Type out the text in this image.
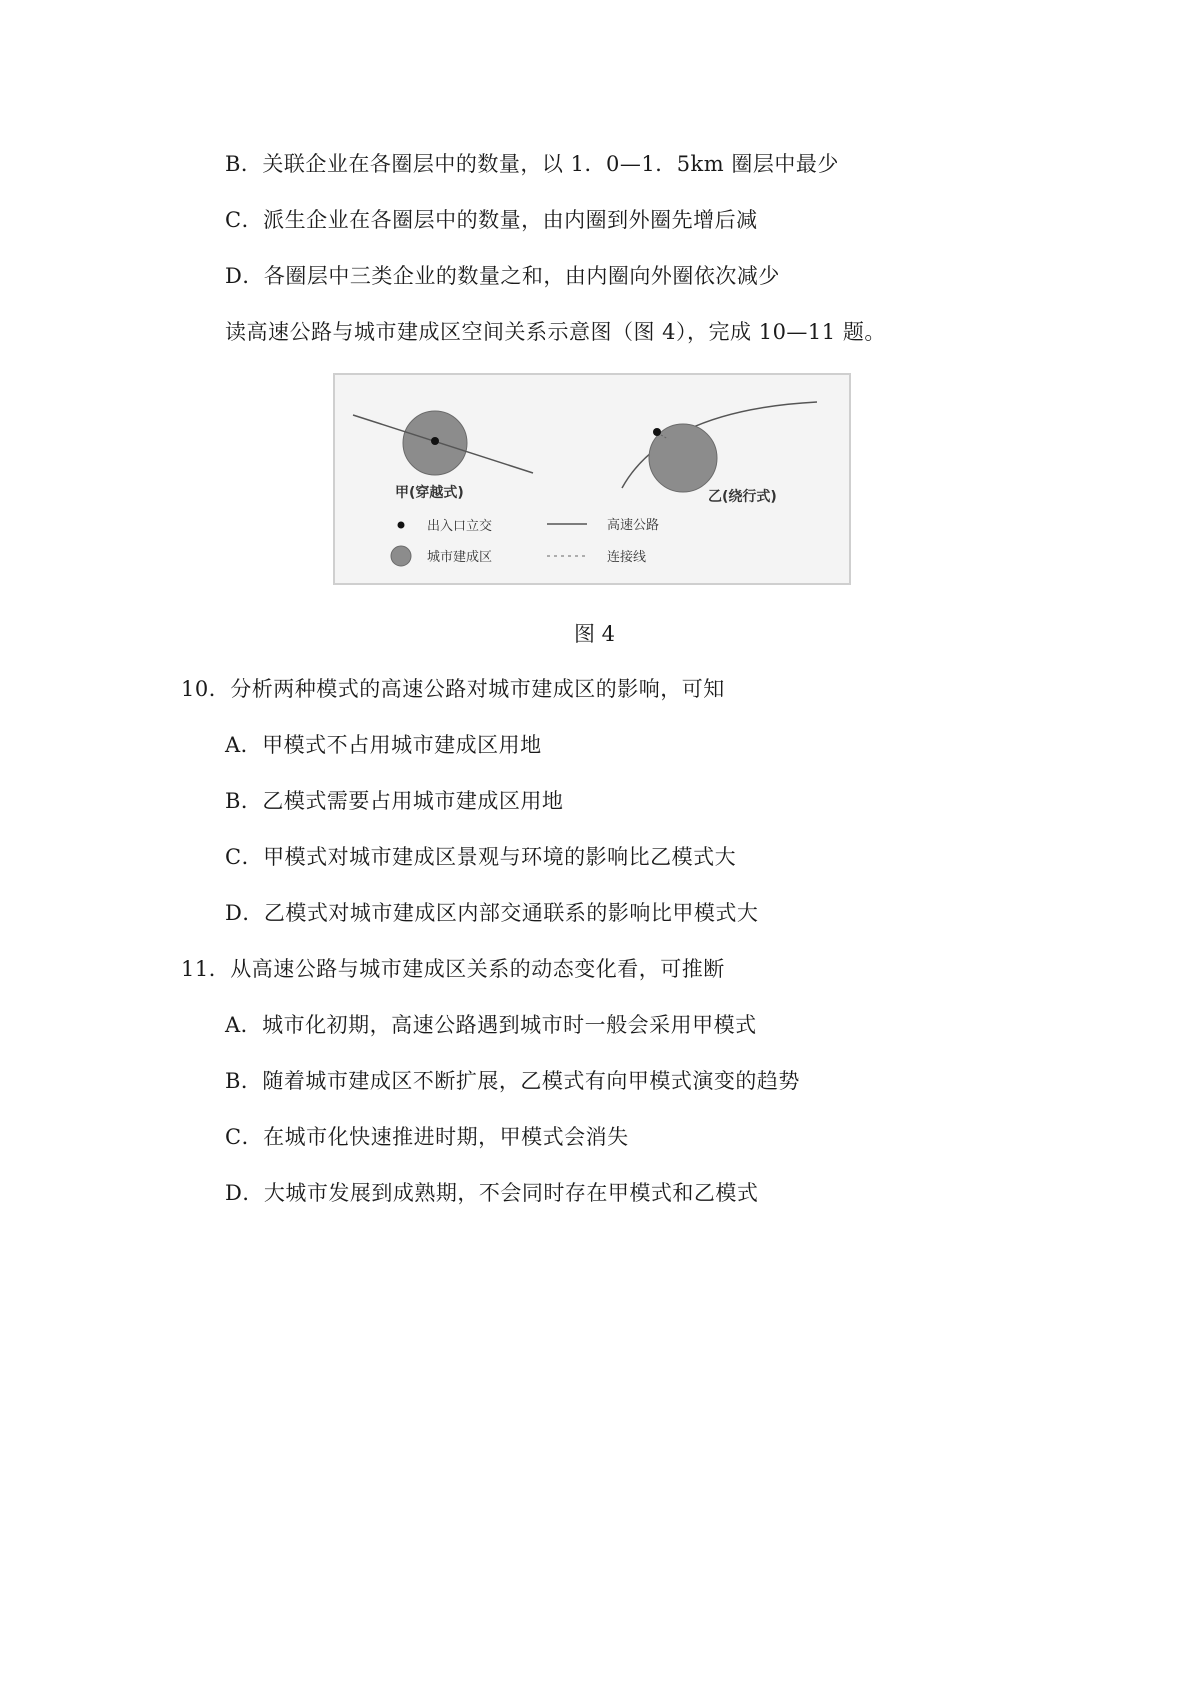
B．关联企业在各圈层中的数量，以 1．0—1．5km 圈层中最少
C．派生企业在各圈层中的数量，由内圈到外圈先增后减
D．各圈层中三类企业的数量之和，由内圈向外圈依次减少
读高速公路与城市建成区空间关系示意图（图 4），完成 10—11 题。
甲(穿越式)	乙(绕行式)
出入口立交	高速公路
城市建成区	连接线
图 4
10．分析两种模式的高速公路对城市建成区的影响，可知
A．甲模式不占用城市建成区用地
B．乙模式需要占用城市建成区用地
C．甲模式对城市建成区景观与环境的影响比乙模式大
D．乙模式对城市建成区内部交通联系的影响比甲模式大
11．从高速公路与城市建成区关系的动态变化看，可推断
A．城市化初期，高速公路遇到城市时一般会采用甲模式
B．随着城市建成区不断扩展，乙模式有向甲模式演变的趋势
C．在城市化快速推进时期，甲模式会消失
D．大城市发展到成熟期，不会同时存在甲模式和乙模式
